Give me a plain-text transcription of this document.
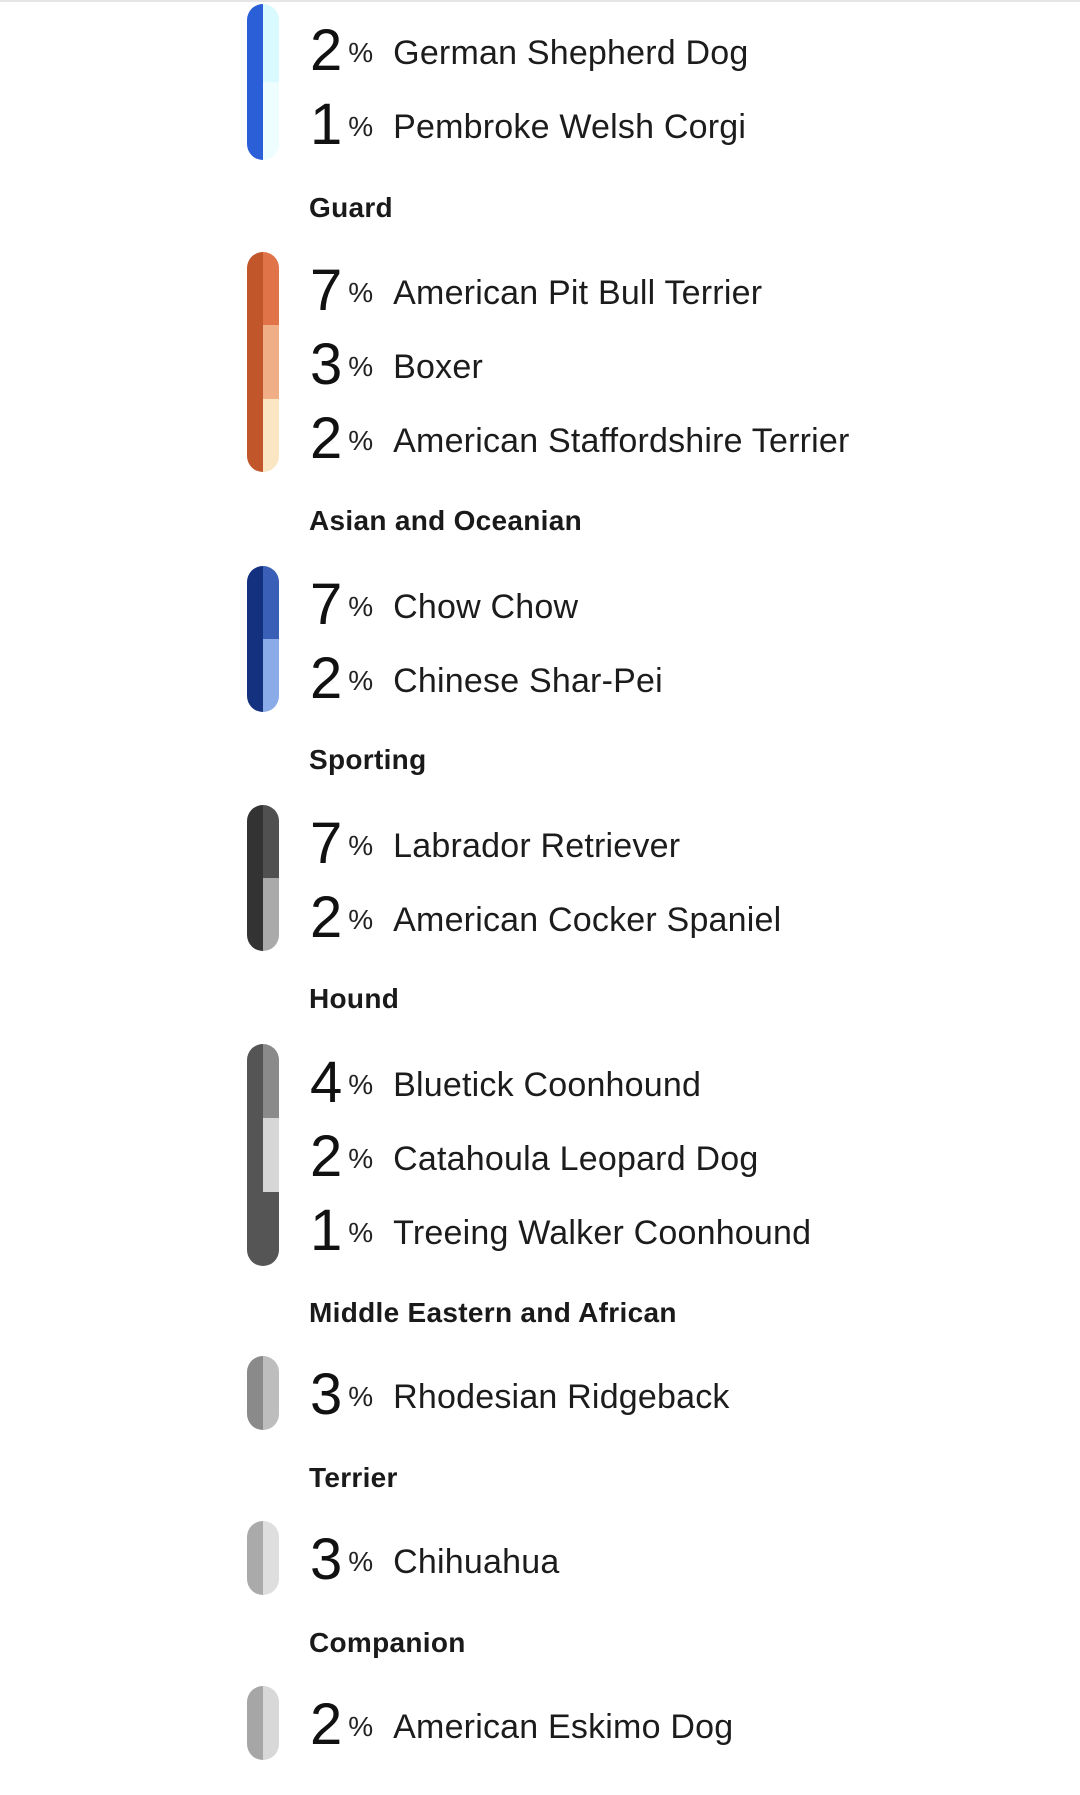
2 % German Shepherd Dog
1 % Pembroke Welsh Corgi
Guard
7 % American Pit Bull Terrier
3 % Boxer
2 % American Staffordshire Terrier
Asian and Oceanian
7 % Chow Chow
2 % Chinese Shar-Pei
Sporting
7 % Labrador Retriever
2 % American Cocker Spaniel
Hound
4 % Bluetick Coonhound
2 % Catahoula Leopard Dog
1 % Treeing Walker Coonhound
Middle Eastern and African
3 % Rhodesian Ridgeback
Terrier
3 % Chihuahua
Companion
2 % American Eskimo Dog
